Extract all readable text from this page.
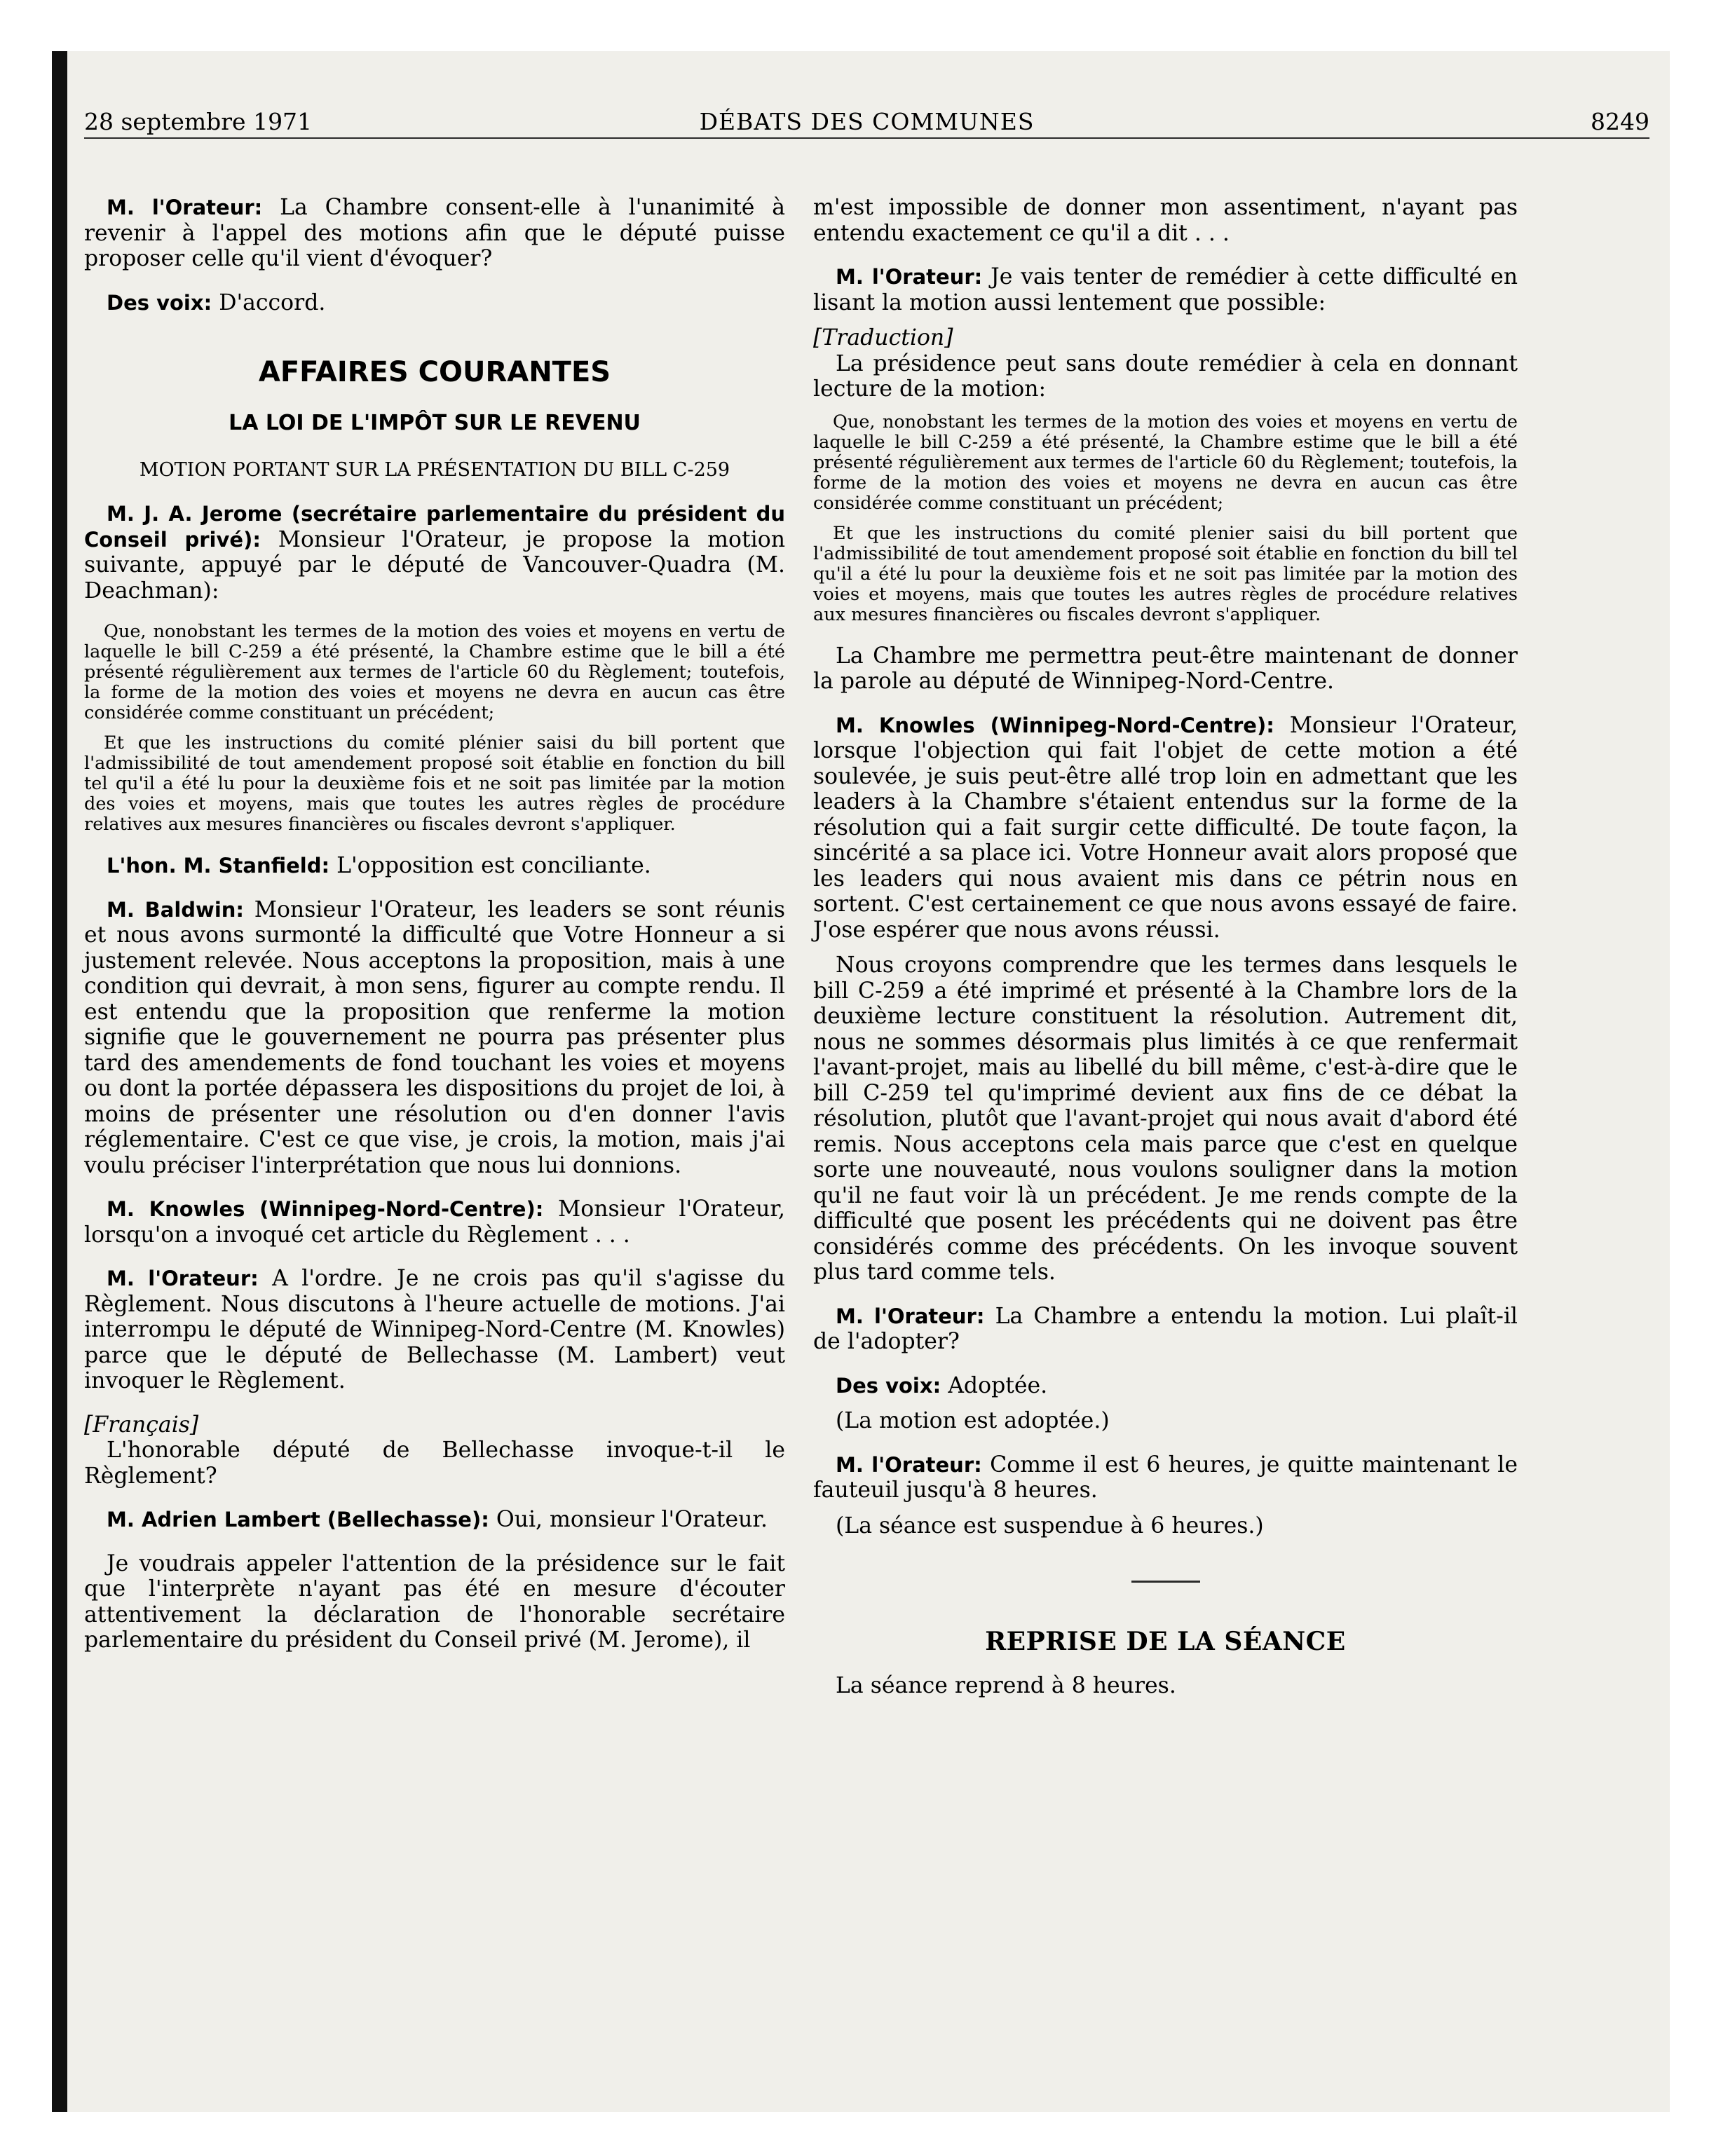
28 septembre 1971	DÉBATS DES COMMUNES	8249

M. l'Orateur: La Chambre consent-elle à l'unanimité à revenir à l'appel des motions afin que le député puisse proposer celle qu'il vient d'évoquer?

Des voix: D'accord.

AFFAIRES COURANTES
LA LOI DE L'IMPÔT SUR LE REVENU
MOTION PORTANT SUR LA PRÉSENTATION DU BILL C-259

M. J. A. Jerome (secrétaire parlementaire du président du Conseil privé): Monsieur l'Orateur, je propose la motion suivante, appuyé par le député de Vancouver-Quadra (M. Deachman):

Que, nonobstant les termes de la motion des voies et moyens en vertu de laquelle le bill C-259 a été présenté, la Chambre estime que le bill a été présenté régulièrement aux termes de l'article 60 du Règlement; toutefois, la forme de la motion des voies et moyens ne devra en aucun cas être considérée comme constituant un précédent;

Et que les instructions du comité plénier saisi du bill portent que l'admissibilité de tout amendement proposé soit établie en fonction du bill tel qu'il a été lu pour la deuxième fois et ne soit pas limitée par la motion des voies et moyens, mais que toutes les autres règles de procédure relatives aux mesures financières ou fiscales devront s'appliquer.

L'hon. M. Stanfield: L'opposition est conciliante.

M. Baldwin: Monsieur l'Orateur, les leaders se sont réunis et nous avons surmonté la difficulté que Votre Honneur a si justement relevée. Nous acceptons la proposition, mais à une condition qui devrait, à mon sens, figurer au compte rendu. Il est entendu que la proposition que renferme la motion signifie que le gouvernement ne pourra pas présenter plus tard des amendements de fond touchant les voies et moyens ou dont la portée dépassera les dispositions du projet de loi, à moins de présenter une résolution ou d'en donner l'avis réglementaire. C'est ce que vise, je crois, la motion, mais j'ai voulu préciser l'interprétation que nous lui donnions.

M. Knowles (Winnipeg-Nord-Centre): Monsieur l'Orateur, lorsqu'on a invoqué cet article du Règlement . . .

M. l'Orateur: A l'ordre. Je ne crois pas qu'il s'agisse du Règlement. Nous discutons à l'heure actuelle de motions. J'ai interrompu le député de Winnipeg-Nord-Centre (M. Knowles) parce que le député de Bellechasse (M. Lambert) veut invoquer le Règlement.

[Français]

L'honorable député de Bellechasse invoque-t-il le Règlement?

M. Adrien Lambert (Bellechasse): Oui, monsieur l'Orateur.

Je voudrais appeler l'attention de la présidence sur le fait que l'interprète n'ayant pas été en mesure d'écouter attentivement la déclaration de l'honorable secrétaire parlementaire du président du Conseil privé (M. Jerome), il

m'est impossible de donner mon assentiment, n'ayant pas entendu exactement ce qu'il a dit . . .

M. l'Orateur: Je vais tenter de remédier à cette difficulté en lisant la motion aussi lentement que possible:

[Traduction]

La présidence peut sans doute remédier à cela en donnant lecture de la motion:

Que, nonobstant les termes de la motion des voies et moyens en vertu de laquelle le bill C-259 a été présenté, la Chambre estime que le bill a été présenté régulièrement aux termes de l'article 60 du Règlement; toutefois, la forme de la motion des voies et moyens ne devra en aucun cas être considérée comme constituant un précédent;

Et que les instructions du comité plenier saisi du bill portent que l'admissibilité de tout amendement proposé soit établie en fonction du bill tel qu'il a été lu pour la deuxième fois et ne soit pas limitée par la motion des voies et moyens, mais que toutes les autres règles de procédure relatives aux mesures financières ou fiscales devront s'appliquer.

La Chambre me permettra peut-être maintenant de donner la parole au député de Winnipeg-Nord-Centre.

M. Knowles (Winnipeg-Nord-Centre): Monsieur l'Orateur, lorsque l'objection qui fait l'objet de cette motion a été soulevée, je suis peut-être allé trop loin en admettant que les leaders à la Chambre s'étaient entendus sur la forme de la résolution qui a fait surgir cette difficulté. De toute façon, la sincérité a sa place ici. Votre Honneur avait alors proposé que les leaders qui nous avaient mis dans ce pétrin nous en sortent. C'est certainement ce que nous avons essayé de faire. J'ose espérer que nous avons réussi.

Nous croyons comprendre que les termes dans lesquels le bill C-259 a été imprimé et présenté à la Chambre lors de la deuxième lecture constituent la résolution. Autrement dit, nous ne sommes désormais plus limités à ce que renfermait l'avant-projet, mais au libellé du bill même, c'est-à-dire que le bill C-259 tel qu'imprimé devient aux fins de ce débat la résolution, plutôt que l'avant-projet qui nous avait d'abord été remis. Nous acceptons cela mais parce que c'est en quelque sorte une nouveauté, nous voulons souligner dans la motion qu'il ne faut voir là un précédent. Je me rends compte de la difficulté que posent les précédents qui ne doivent pas être considérés comme des précédents. On les invoque souvent plus tard comme tels.

M. l'Orateur: La Chambre a entendu la motion. Lui plaît-il de l'adopter?

Des voix: Adoptée.

(La motion est adoptée.)

M. l'Orateur: Comme il est 6 heures, je quitte maintenant le fauteuil jusqu'à 8 heures.

(La séance est suspendue à 6 heures.)

REPRISE DE LA SÉANCE

La séance reprend à 8 heures.
